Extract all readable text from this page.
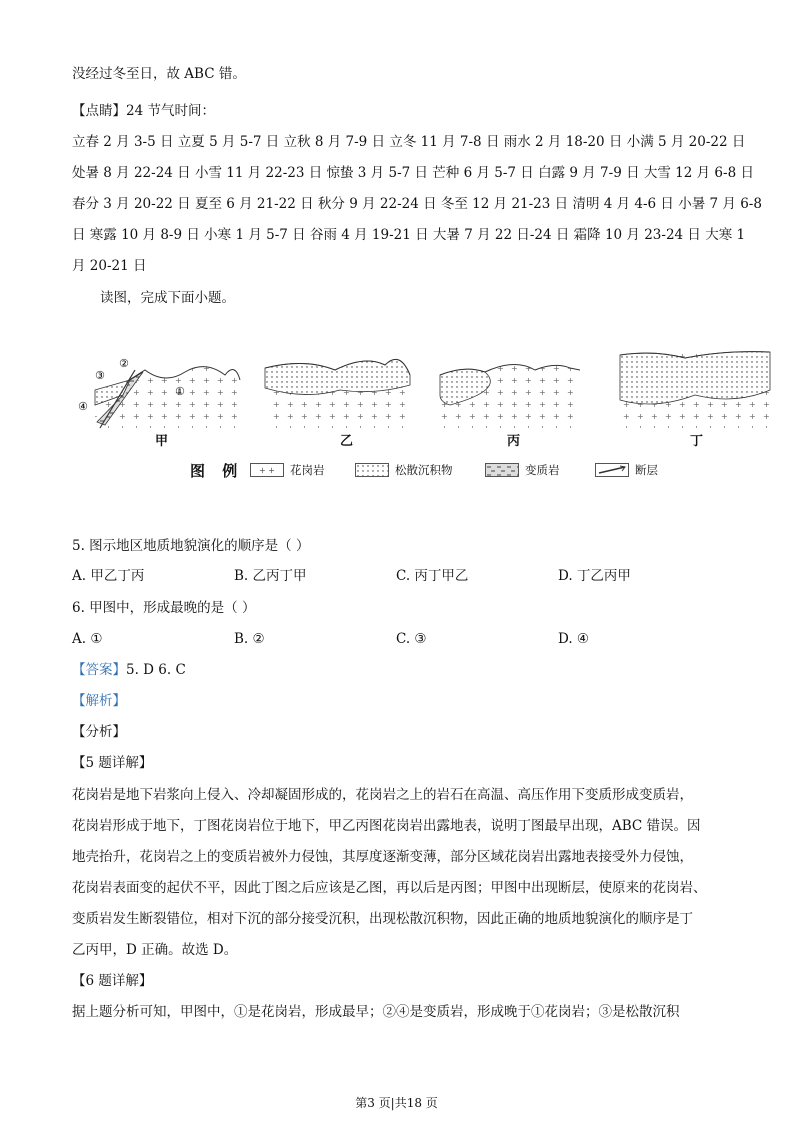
没经过冬至日，故 ABC 错。
【点睛】24 节气时间：
立春 2 月 3-5 日 立夏 5 月 5-7 日 立秋 8 月 7-9 日 立冬 11 月 7-8 日 雨水 2 月 18-20 日 小满 5 月 20-22 日
处暑 8 月 22-24 日 小雪 11 月 22-23 日 惊蛰 3 月 5-7 日 芒种 6 月 5-7 日 白露 9 月 7-9 日 大雪 12 月 6-8 日
春分 3 月 20-22 日 夏至 6 月 21-22 日 秋分 9 月 22-24 日 冬至 12 月 21-23 日 清明 4 月 4-6 日 小暑 7 月 6-8
日 寒露 10 月 8-9 日 小寒 1 月 5-7 日 谷雨 4 月 19-21 日 大暑 7 月 22 日-24 日 霜降 10 月 23-24 日 大寒 1
月 20-21 日
读图，完成下面小题。
②
③
④
①
甲	乙	丙	丁
图 例 + + 花岗岩	松散沉积物	变质岩	断层
5. 图示地区地质地貌演化的顺序是（ ）
A. 甲乙丁丙	B. 乙丙丁甲	C. 丙丁甲乙	D. 丁乙丙甲
6. 甲图中，形成最晚的是（ ）
A. ①	B. ②	C. ③	D. ④
【答案】5. D 6. C
【解析】
【分析】
【5 题详解】
花岗岩是地下岩浆向上侵入、冷却凝固形成的，花岗岩之上的岩石在高温、高压作用下变质形成变质岩，
花岗岩形成于地下，丁图花岗岩位于地下，甲乙丙图花岗岩出露地表，说明丁图最早出现，ABC 错误。因
地壳抬升，花岗岩之上的变质岩被外力侵蚀，其厚度逐渐变薄，部分区域花岗岩出露地表接受外力侵蚀，
花岗岩表面变的起伏不平，因此丁图之后应该是乙图，再以后是丙图；甲图中出现断层，使原来的花岗岩、
变质岩发生断裂错位，相对下沉的部分接受沉积，出现松散沉积物，因此正确的地质地貌演化的顺序是丁
乙丙甲，D 正确。故选 D。
【6 题详解】
据上题分析可知，甲图中，①是花岗岩，形成最早；②④是变质岩，形成晚于①花岗岩；③是松散沉积
第3 页|共18 页
